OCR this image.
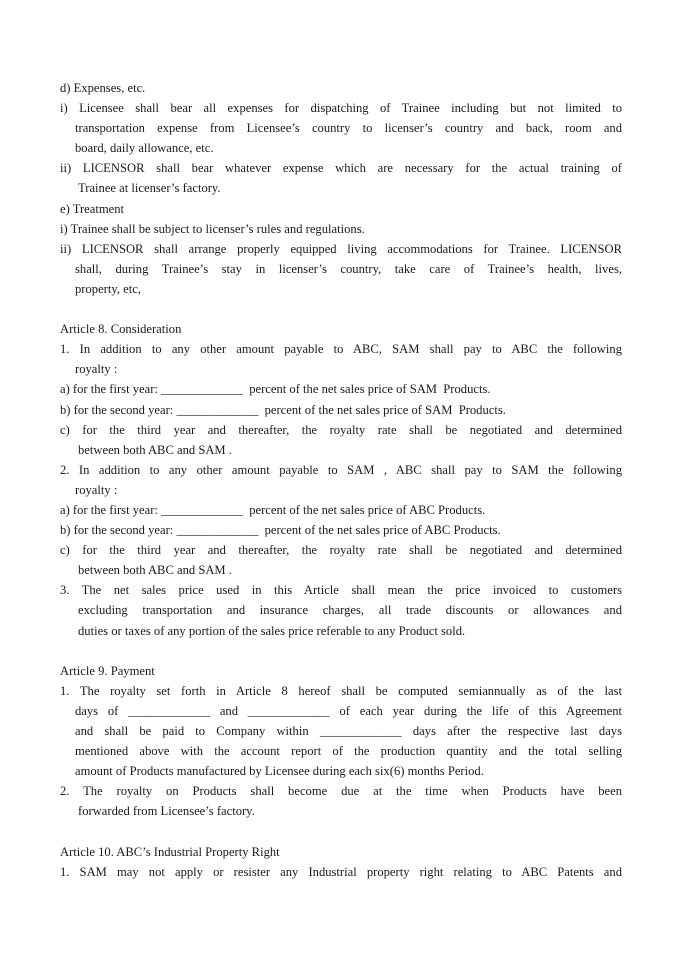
d) Expenses, etc.
i) Licensee shall bear all expenses for dispatching of Trainee including but not limited to
transportation expense from Licensee’s country to licenser’s country and back, room and
board, daily allowance, etc.
ii) LICENSOR shall bear whatever expense which are necessary for the actual training of
Trainee at licenser’s factory.
e) Treatment
i) Trainee shall be subject to licenser’s rules and regulations.
ii) LICENSOR shall arrange properly equipped living accommodations for Trainee. LICENSOR
shall, during Trainee’s stay in licenser’s country, take care of Trainee’s health, lives,
property, etc,

Article 8. Consideration
1. In addition to any other amount payable to ABC, SAM shall pay to ABC the following
royalty :
a) for the first year: _____________  percent of the net sales price of SAM  Products.
b) for the second year: _____________  percent of the net sales price of SAM  Products.
c) for the third year and thereafter, the royalty rate shall be negotiated and determined
between both ABC and SAM .
2. In addition to any other amount payable to SAM , ABC shall pay to SAM the following
royalty :
a) for the first year: _____________  percent of the net sales price of ABC Products.
b) for the second year: _____________  percent of the net sales price of ABC Products.
c) for the third year and thereafter, the royalty rate shall be negotiated and determined
between both ABC and SAM .
3. The net sales price used in this Article shall mean the price invoiced to customers
excluding transportation and insurance charges, all trade discounts or allowances and
duties or taxes of any portion of the sales price referable to any Product sold.

Article 9. Payment
1. The royalty set forth in Article 8 hereof shall be computed semiannually as of the last
days of _____________ and _____________ of each year during the life of this Agreement
and shall be paid to Company within _____________ days after the respective last days
mentioned above with the account report of the production quantity and the total selling
amount of Products manufactured by Licensee during each six(6) months Period.
2. The royalty on Products shall become due at the time when Products have been
forwarded from Licensee’s factory.

Article 10. ABC’s Industrial Property Right
1. SAM may not apply or resister any Industrial property right relating to ABC Patents and
